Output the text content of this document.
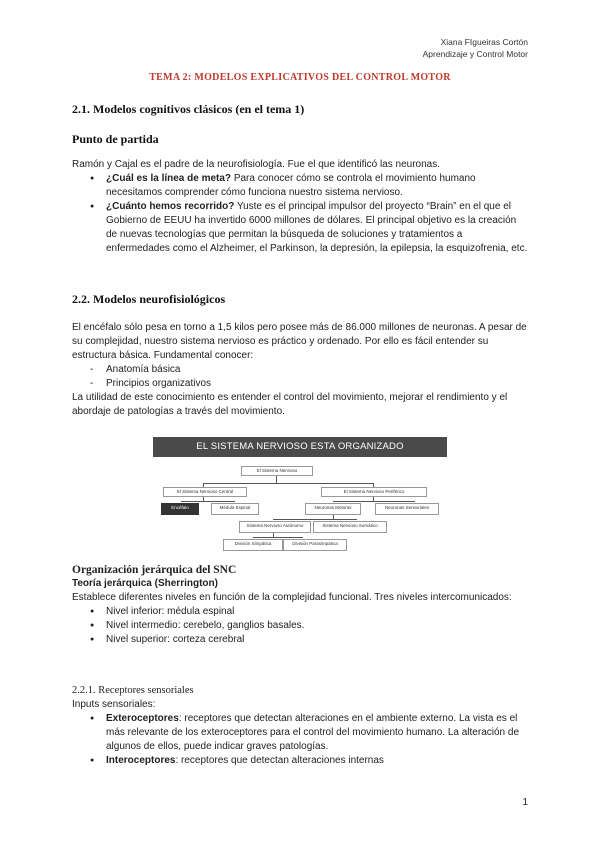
Xiana FIgueiras Cortón
Aprendizaje y Control Motor
TEMA 2: MODELOS EXPLICATIVOS DEL CONTROL MOTOR
2.1. Modelos cognitivos clásicos (en el tema 1)
Punto de partida
Ramón y Cajal es el padre de la neurofisiología. Fue el que identificó las neuronas.
● ¿Cuál es la línea de meta? Para conocer cómo se controla el movimiento humano necesitamos comprender cómo funciona nuestro sistema nervioso.
● ¿Cuánto hemos recorrido? Yuste es el principal impulsor del proyecto “Brain” en el que el Gobierno de EEUU ha invertido 6000 millones de dólares. El principal objetivo es la creación de nuevas tecnologías que permitan la búsqueda de soluciones y tratamientos a enfermedades como el Alzheimer, el Parkinson, la depresión, la epilepsia, la esquizofrenia, etc.
2.2. Modelos neurofisiológicos
El encéfalo sólo pesa en torno a 1,5 kilos pero posee más de 86.000 millones de neuronas. A pesar de su complejidad, nuestro sistema nervioso es práctico y ordenado. Por ello es fácil entender su estructura básica. Fundamental conocer:
- Anatomía básica
- Principios organizativos
La utilidad de este conocimiento es entender el control del movimiento, mejorar el rendimiento y el abordaje de patologías a través del movimiento.
EL SISTEMA NERVIOSO ESTA ORGANIZADO
El Sistema Nervioso
El Sistema Nervioso Central	El Sistema Nervioso Periférico
Encéfalo	Médula Espinal	Neuronas Motoras	Neuronas Sensoriales
Sistema Nervioso Autónomo	Sistema Nervioso Somático
División Simpática	División Parasimpática
Organización jerárquica del SNC
Teoría jerárquica (Sherrington)
Establece diferentes niveles en función de la complejidad funcional. Tres niveles intercomunicados:
● Nivel inferior: médula espinal
● Nivel intermedio: cerebelo, ganglios basales.
● Nivel superior: corteza cerebral
2.2.1. Receptores sensoriales
Inputs sensoriales:
● Exteroceptores: receptores que detectan alteraciones en el ambiente externo. La vista es el más relevante de los exteroceptores para el control del movimiento humano. La alteración de algunos de ellos, puede indicar graves patologías.
● Interoceptores: receptores que detectan alteraciones internas
1
